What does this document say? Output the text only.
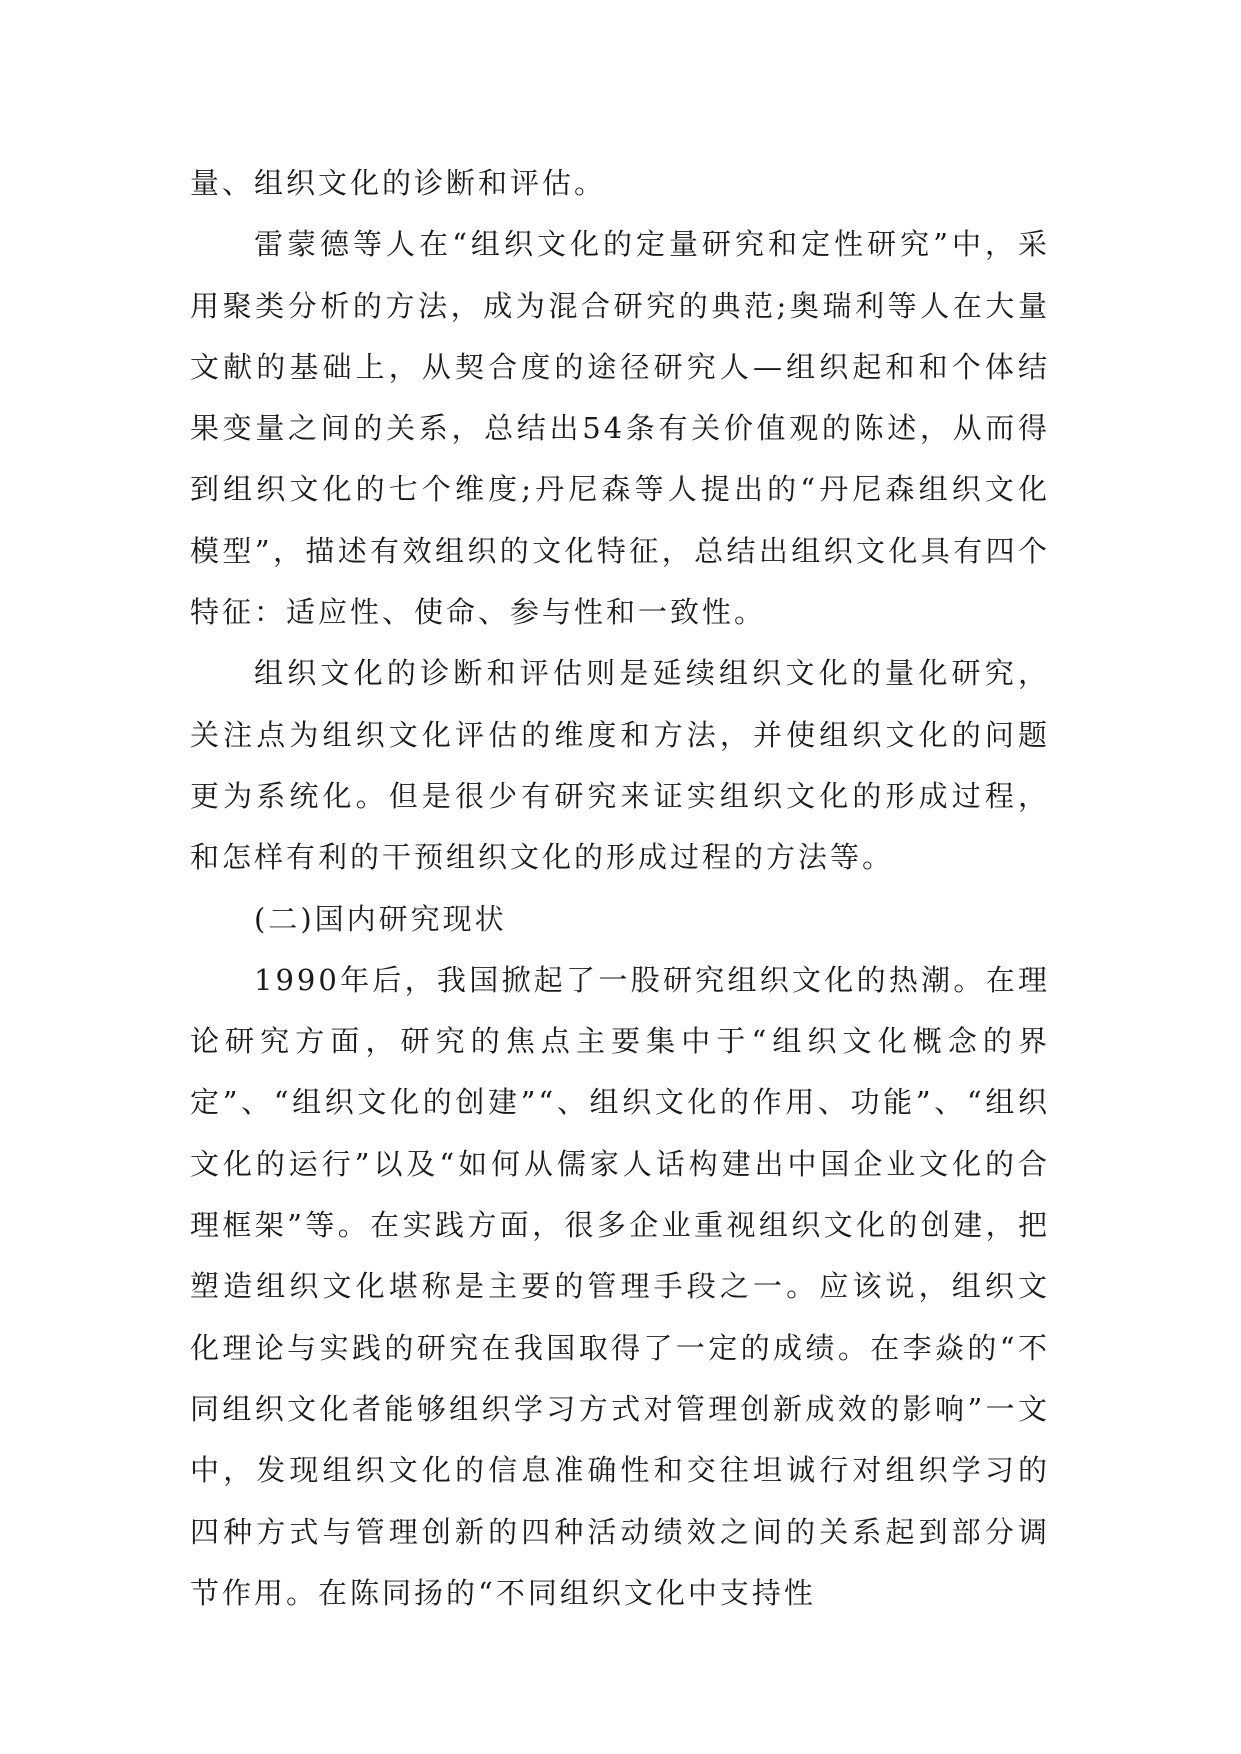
量、组织文化的诊断和评估。

雷蒙德等人在“组织文化的定量研究和定性研究”中，采用聚类分析的方法，成为混合研究的典范;奥瑞利等人在大量文献的基础上，从契合度的途径研究人—组织起和和个体结果变量之间的关系，总结出54条有关价值观的陈述，从而得到组织文化的七个维度;丹尼森等人提出的“丹尼森组织文化模型”，描述有效组织的文化特征，总结出组织文化具有四个特征：适应性、使命、参与性和一致性。

组织文化的诊断和评估则是延续组织文化的量化研究，关注点为组织文化评估的维度和方法，并使组织文化的问题更为系统化。但是很少有研究来证实组织文化的形成过程，和怎样有利的干预组织文化的形成过程的方法等。

(二)国内研究现状

1990年后，我国掀起了一股研究组织文化的热潮。在理论研究方面，研究的焦点主要集中于“组织文化概念的界定”、“组织文化的创建”“、组织文化的作用、功能”、“组织文化的运行”以及“如何从儒家人话构建出中国企业文化的合理框架”等。在实践方面，很多企业重视组织文化的创建，把塑造组织文化堪称是主要的管理手段之一。应该说，组织文化理论与实践的研究在我国取得了一定的成绩。在李焱的“不同组织文化者能够组织学习方式对管理创新成效的影响”一文中，发现组织文化的信息准确性和交往坦诚行对组织学习的四种方式与管理创新的四种活动绩效之间的关系起到部分调节作用。在陈同扬的“不同组织文化中支持性
